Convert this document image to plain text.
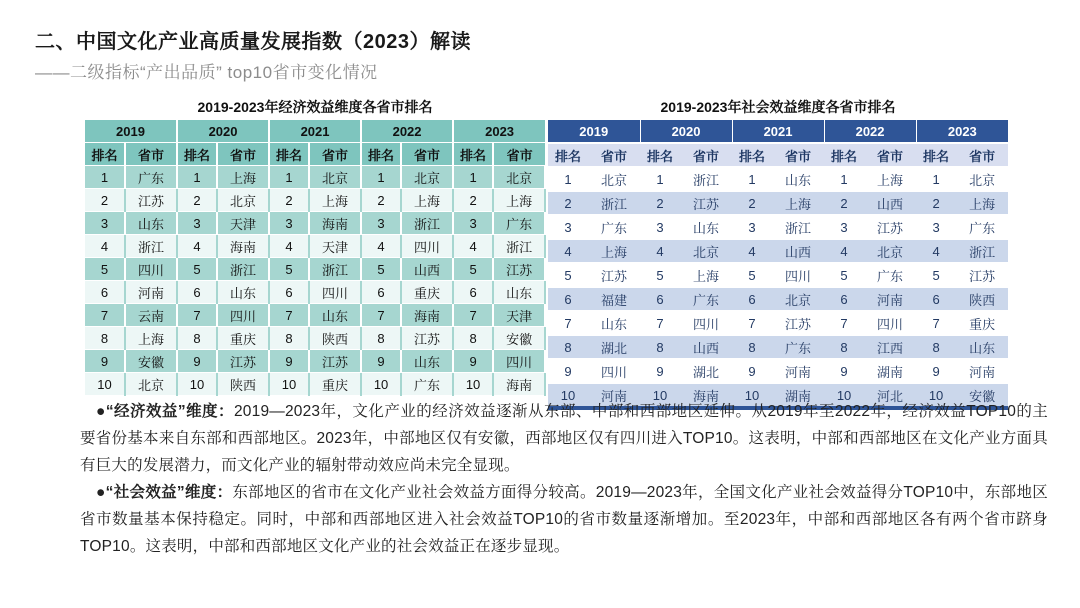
二、中国文化产业高质量发展指数（2023）解读
——二级指标“产出品质” top10省市变化情况
2019-2023年经济效益维度各省市排名
2019		2020		2021		2022		2023	
排名	省市	排名	省市	排名	省市	排名	省市	排名	省市
1	广东	1	上海	1	北京	1	北京	1	北京
2	江苏	2	北京	2	上海	2	上海	2	上海
3	山东	3	天津	3	海南	3	浙江	3	广东
4	浙江	4	海南	4	天津	4	四川	4	浙江
5	四川	5	浙江	5	浙江	5	山西	5	江苏
6	河南	6	山东	6	四川	6	重庆	6	山东
7	云南	7	四川	7	山东	7	海南	7	天津
8	上海	8	重庆	8	陕西	8	江苏	8	安徽
9	安徽	9	江苏	9	江苏	9	山东	9	四川
10	北京	10	陕西	10	重庆	10	广东	10	海南
2019-2023年社会效益维度各省市排名
2019		2020		2021		2022		2023	
排名	省市	排名	省市	排名	省市	排名	省市	排名	省市
1	北京	1	浙江	1	山东	1	上海	1	北京
2	浙江	2	江苏	2	上海	2	山西	2	上海
3	广东	3	山东	3	浙江	3	江苏	3	广东
4	上海	4	北京	4	山西	4	北京	4	浙江
5	江苏	5	上海	5	四川	5	广东	5	江苏
6	福建	6	广东	6	北京	6	河南	6	陕西
7	山东	7	四川	7	江苏	7	四川	7	重庆
8	湖北	8	山西	8	广东	8	江西	8	山东
9	四川	9	湖北	9	河南	9	湖南	9	河南
10	河南	10	海南	10	湖南	10	河北	10	安徽

●“经济效益”维度：2019—2023年，文化产业的经济效益逐渐从东部、中部和西部地区延伸。从2019年至2022年，经济效益TOP10的主要省份基本来自东部和西部地区。2023年，中部地区仅有安徽，西部地区仅有四川进入TOP10。这表明，中部和西部地区在文化产业方面具有巨大的发展潜力，而文化产业的辐射带动效应尚未完全显现。

●“社会效益”维度：东部地区的省市在文化产业社会效益方面得分较高。2019—2023年，全国文化产业社会效益得分TOP10中，东部地区省市数量基本保持稳定。同时，中部和西部地区进入社会效益TOP10的省市数量逐渐增加。至2023年，中部和西部地区各有两个省市跻身TOP10。这表明，中部和西部地区文化产业的社会效益正在逐步显现。
